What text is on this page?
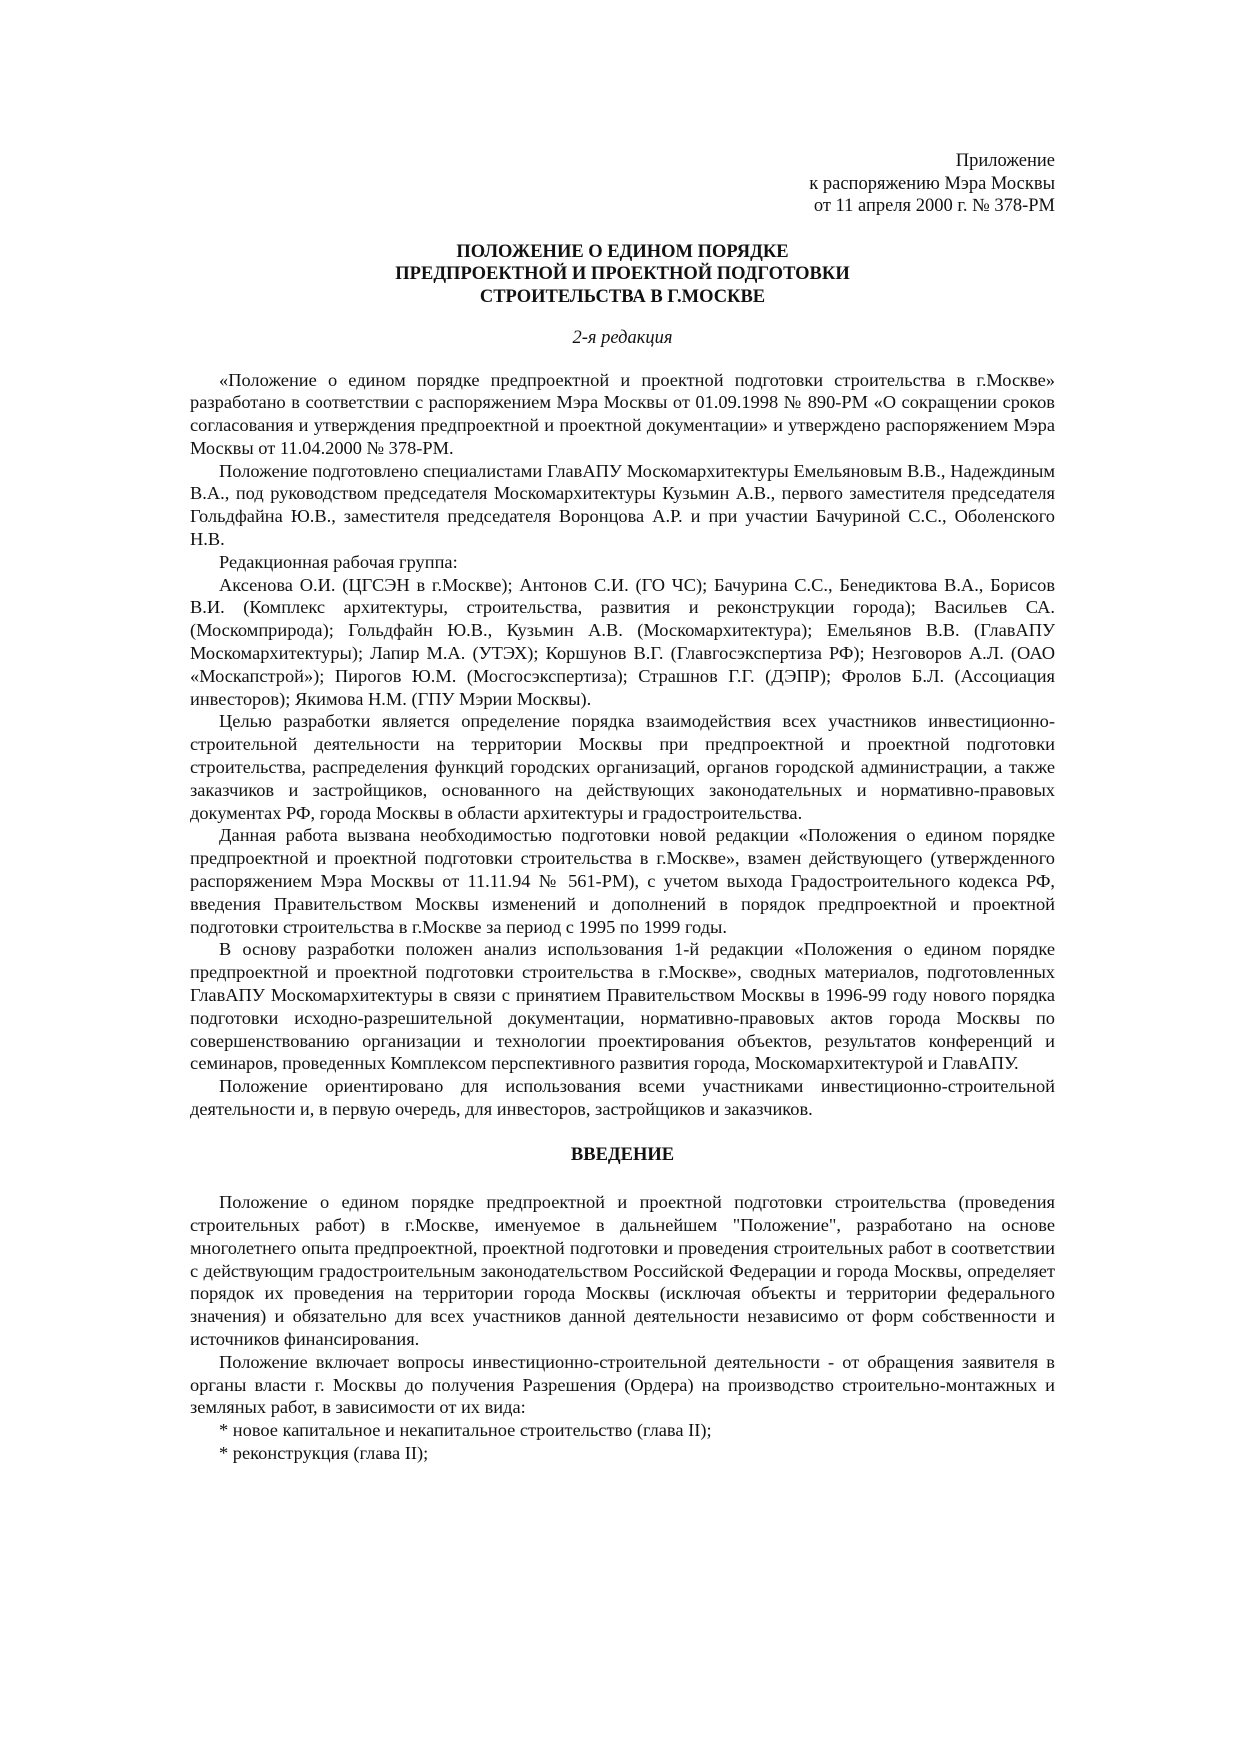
Приложение
к распоряжению Мэра Москвы
от 11 апреля 2000 г. № 378-РМ
ПОЛОЖЕНИЕ О ЕДИНОМ ПОРЯДКЕ
ПРЕДПРОЕКТНОЙ И ПРОЕКТНОЙ ПОДГОТОВКИ
СТРОИТЕЛЬСТВА В Г.МОСКВЕ
2-я редакция

«Положение о едином порядке предпроектной и проектной подготовки строительства в г.Москве» разработано в соответствии с распоряжением Мэра Москвы от 01.09.1998 № 890-РМ «О сокращении сроков согласования и утверждения предпроектной и проектной документации» и утверждено распоряжением Мэра Москвы от 11.04.2000 № 378-РМ.

Положение подготовлено специалистами ГлавАПУ Москомархитектуры Емельяновым В.В., Надеждиным В.А., под руководством председателя Москомархитектуры Кузьмин А.В., первого заместителя председателя Гольдфайна Ю.В., заместителя председателя Воронцова А.Р. и при участии Бачуриной С.С., Оболенского Н.В.

Редакционная рабочая группа:

Аксенова О.И. (ЦГСЭН в г.Москве); Антонов С.И. (ГО ЧС); Бачурина С.С., Бенедиктова В.А., Борисов В.И. (Комплекс архитектуры, строительства, развития и реконструкции города); Васильев СА. (Москомприрода); Гольдфайн Ю.В., Кузьмин А.В. (Москомархитектура); Емельянов В.В. (ГлавАПУ Москомархитектуры); Лапир М.А. (УТЭХ); Коршунов В.Г. (Главгосэкспертиза РФ); Незговоров А.Л. (ОАО «Москапстрой»); Пирогов Ю.М. (Мосгосэкспертиза); Страшнов Г.Г. (ДЭПР); Фролов Б.Л. (Ассоциация инвесторов); Якимова Н.М. (ГПУ Мэрии Москвы).

Целью разработки является определение порядка взаимодействия всех участников инвестиционно-строительной деятельности на территории Москвы при предпроектной и проектной подготовки строительства, распределения функций городских организаций, органов городской администрации, а также заказчиков и застройщиков, основанного на действующих законодательных и нормативно-правовых документах РФ, города Москвы в области архитектуры и градостроительства.

Данная работа вызвана необходимостью подготовки новой редакции «Положения о едином порядке предпроектной и проектной подготовки строительства в г.Москве», взамен действующего (утвержденного распоряжением Мэра Москвы от 11.11.94 № 561-РМ), с учетом выхода Градостроительного кодекса РФ, введения Правительством Москвы изменений и дополнений в порядок предпроектной и проектной подготовки строительства в г.Москве за период с 1995 по 1999 годы.

В основу разработки положен анализ использования 1-й редакции «Положения о едином порядке предпроектной и проектной подготовки строительства в г.Москве», сводных материалов, подготовленных ГлавАПУ Москомархитектуры в связи с принятием Правительством Москвы в 1996-99 году нового порядка подготовки исходно-разрешительной документации, нормативно-правовых актов города Москвы по совершенствованию организации и технологии проектирования объектов, результатов конференций и семинаров, проведенных Комплексом перспективного развития города, Москомархитектурой и ГлавАПУ.

Положение ориентировано для использования всеми участниками инвестиционно-строительной деятельности и, в первую очередь, для инвесторов, застройщиков и заказчиков.

ВВЕДЕНИЕ

Положение о едином порядке предпроектной и проектной подготовки строительства (проведения строительных работ) в г.Москве, именуемое в дальнейшем "Положение", разработано на основе многолетнего опыта предпроектной, проектной подготовки и проведения строительных работ в соответствии с действующим градостроительным законодательством Российской Федерации и города Москвы, определяет порядок их проведения на территории города Москвы (исключая объекты и территории федерального значения) и обязательно для всех участников данной деятельности независимо от форм собственности и источников финансирования.

Положение включает вопросы инвестиционно-строительной деятельности - от обращения заявителя в органы власти г. Москвы до получения Разрешения (Ордера) на производство строительно-монтажных и земляных работ, в зависимости от их вида:

* новое капитальное и некапитальное строительство (глава II);

* реконструкция (глава II);
